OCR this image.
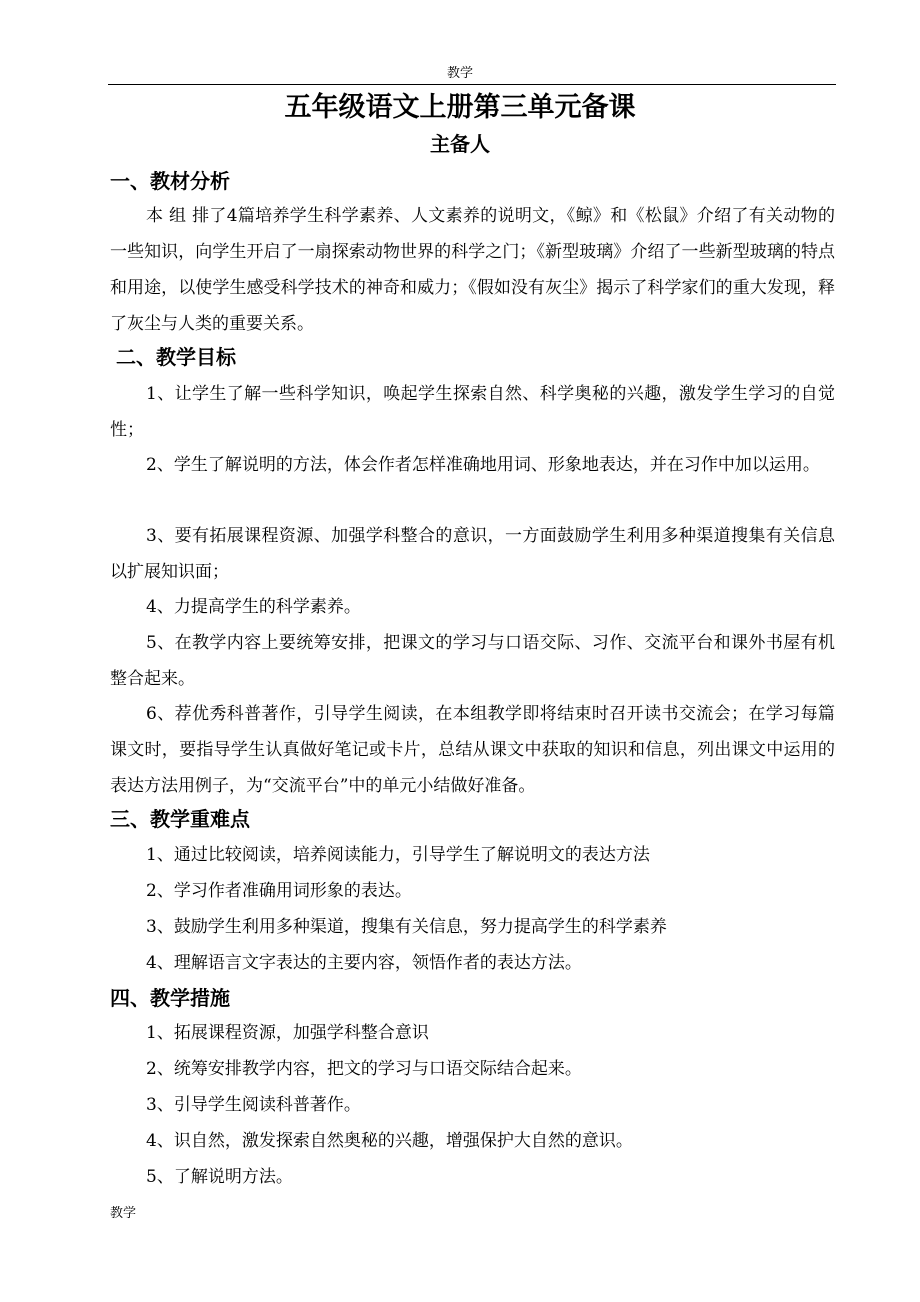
教学
五年级语文上册第三单元备课
主备人
一、教材分析

本 组 排了4篇培养学生科学素养、人文素养的说明文，《鲸》和《松鼠》介绍了有关动物的一些知识，向学生开启了一扇探索动物世界的科学之门；《新型玻璃》介绍了一些新型玻璃的特点和用途，以使学生感受科学技术的神奇和威力；《假如没有灰尘》揭示了科学家们的重大发现，释了灰尘与人类的重要关系。

二、教学目标

1、让学生了解一些科学知识，唤起学生探索自然、科学奥秘的兴趣，激发学生学习的自觉性；

2、学生了解说明的方法，体会作者怎样准确地用词、形象地表达，并在习作中加以运用。

3、要有拓展课程资源、加强学科整合的意识，一方面鼓励学生利用多种渠道搜集有关信息以扩展知识面；

4、力提高学生的科学素养。

5、在教学内容上要统筹安排，把课文的学习与口语交际、习作、交流平台和课外书屋有机整合起来。

6、荐优秀科普著作，引导学生阅读，在本组教学即将结束时召开读书交流会；在学习每篇课文时，要指导学生认真做好笔记或卡片，总结从课文中获取的知识和信息，列出课文中运用的表达方法用例子，为“交流平台”中的单元小结做好准备。

三、教学重难点
1、通过比较阅读，培养阅读能力，引导学生了解说明文的表达方法
2、学习作者准确用词形象的表达。
3、鼓励学生利用多种渠道，搜集有关信息，努力提高学生的科学素养
4、理解语言文字表达的主要内容，领悟作者的表达方法。
四、教学措施
1、拓展课程资源，加强学科整合意识
2、统筹安排教学内容，把文的学习与口语交际结合起来。
3、引导学生阅读科普著作。
4、识自然，激发探索自然奥秘的兴趣，增强保护大自然的意识。
5、了解说明方法。
教学
